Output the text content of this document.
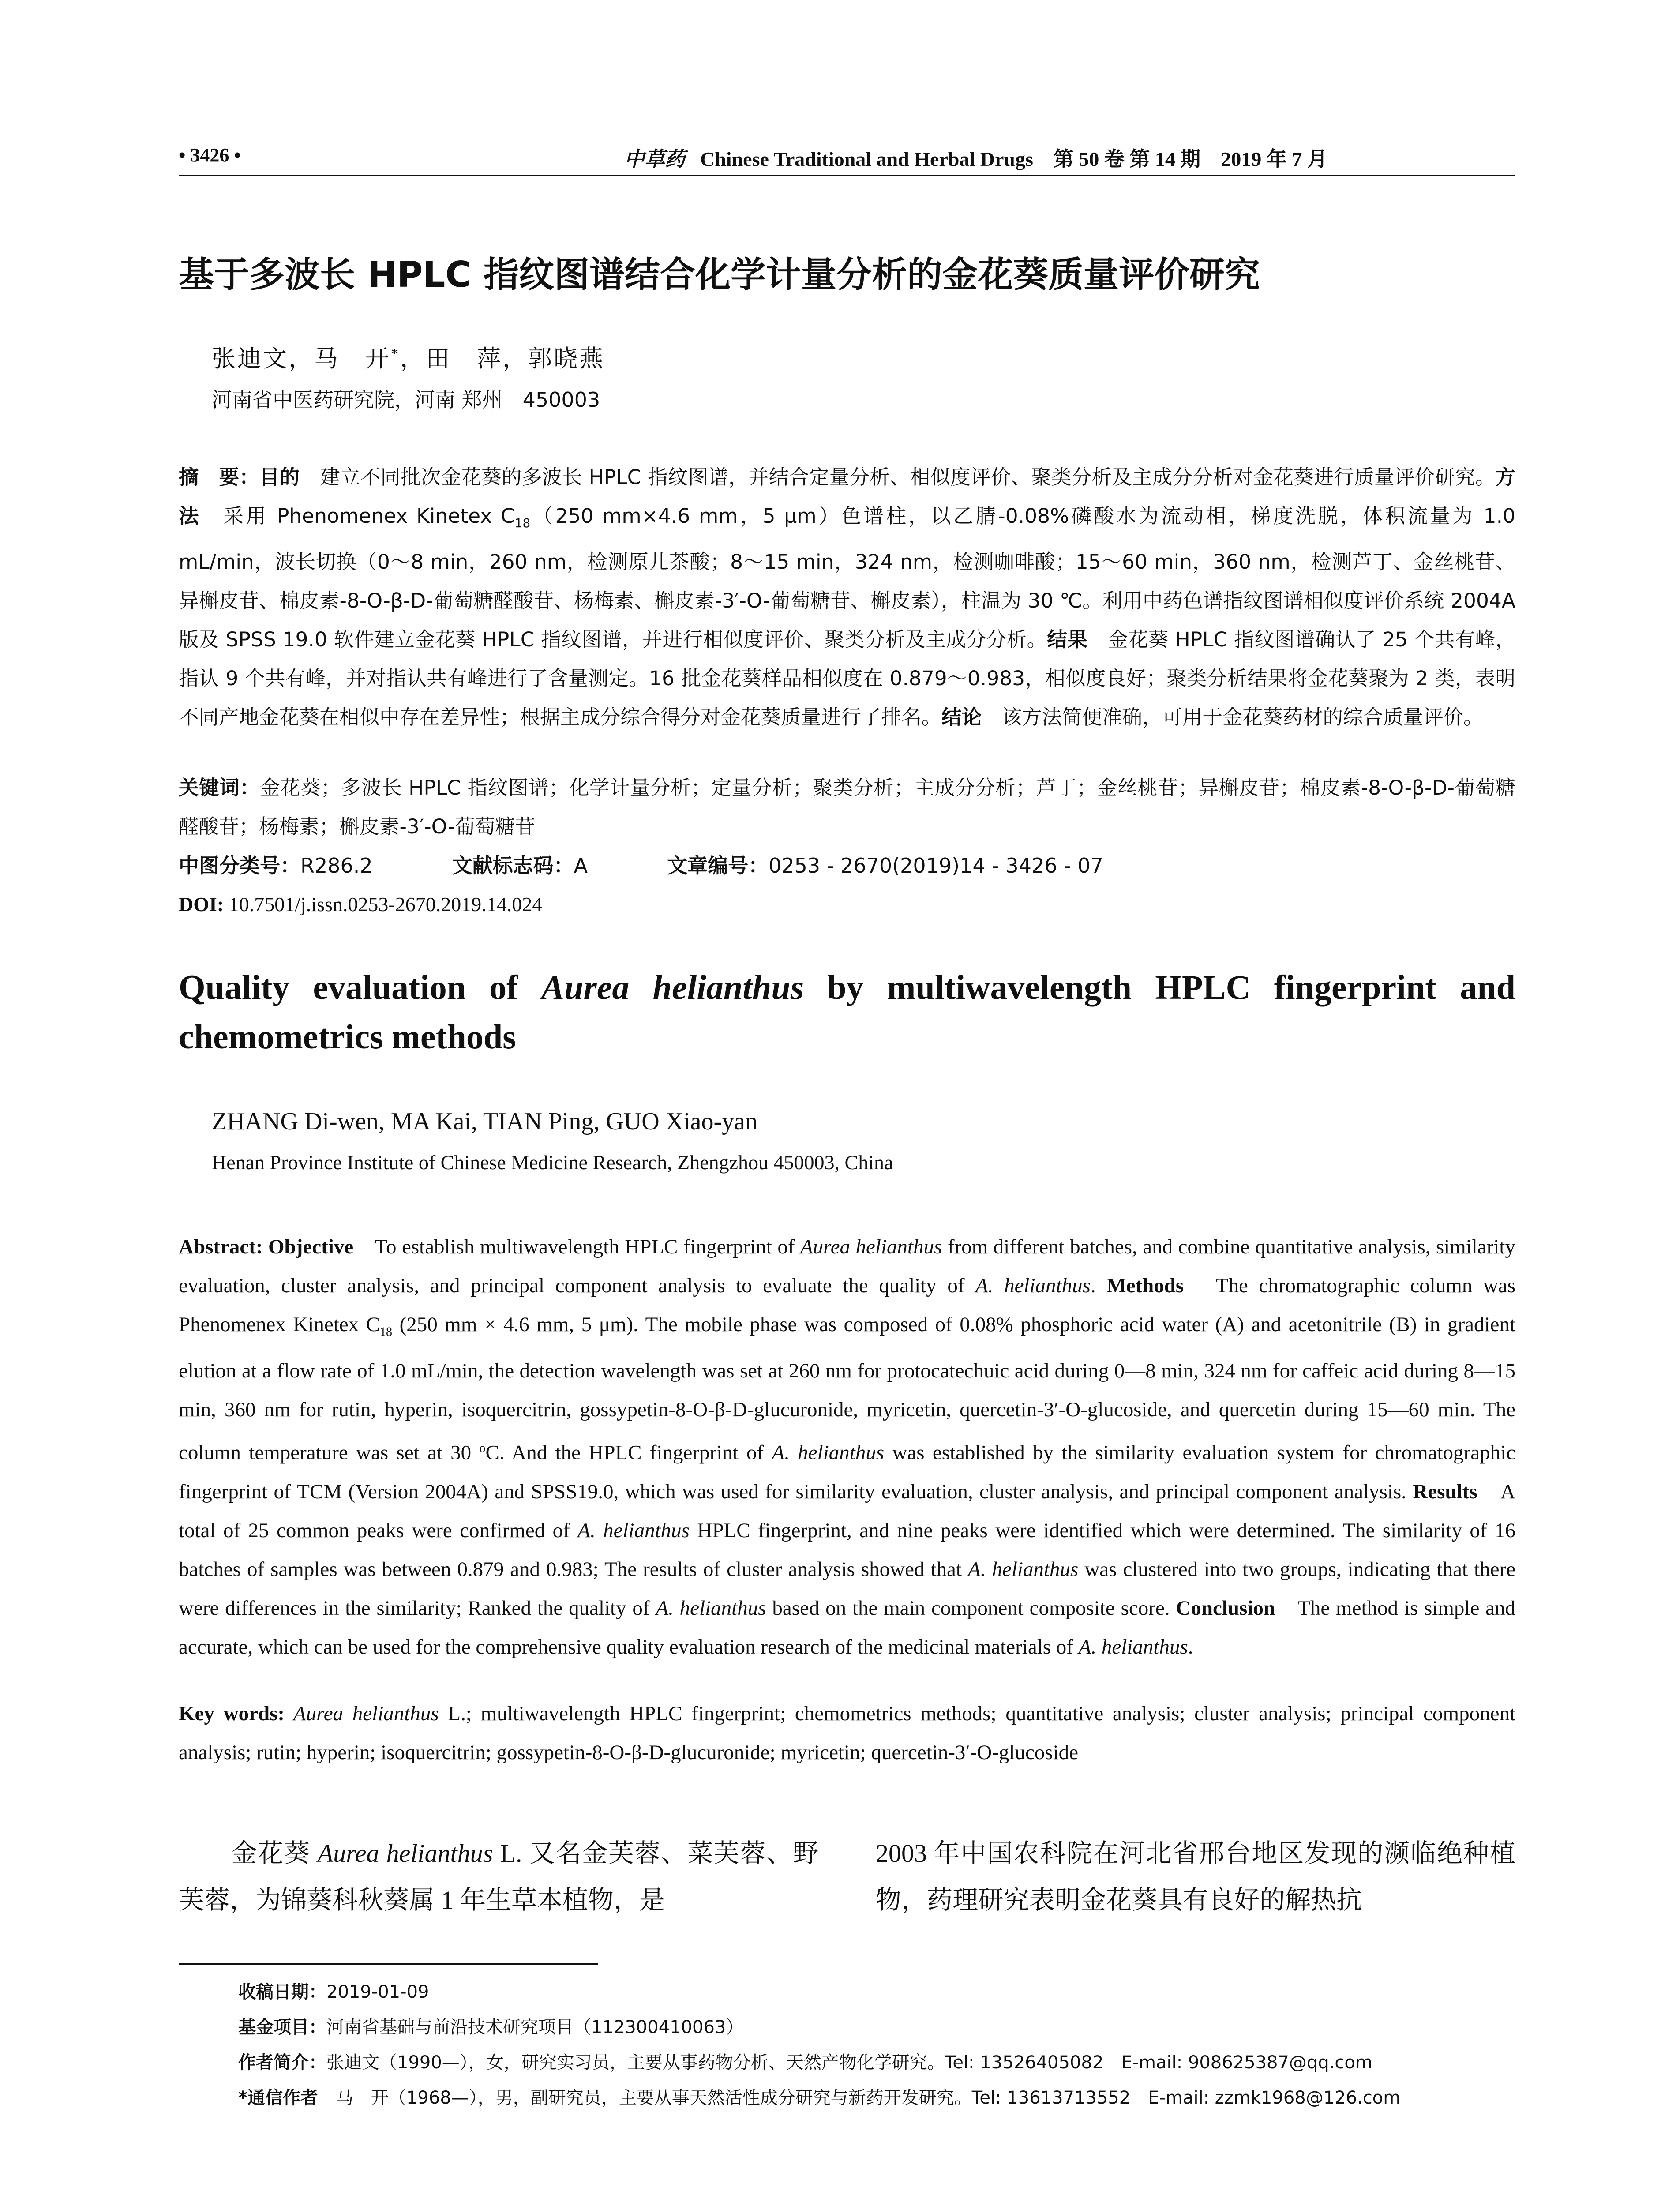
• 3426 •	中草药 Chinese Traditional and Herbal Drugs　第 50 卷 第 14 期　2019 年 7 月
基于多波长 HPLC 指纹图谱结合化学计量分析的金花葵质量评价研究
张迪文，马　开*，田　萍，郭晓燕
河南省中医药研究院，河南 郑州　450003
摘　要：目的　建立不同批次金花葵的多波长 HPLC 指纹图谱，并结合定量分析、相似度评价、聚类分析及主成分分析对金花葵进行质量评价研究。方法　采用 Phenomenex Kinetex $C_{18}(250$ mm×4.6 mm，5 μm）色谱柱，以乙腈-0.08%磷酸水为流动相，梯度洗脱，体积流量为 1.0 mL/min，波长切换（0～8 min，260 nm，检测原儿茶酸；8～15 min，324 nm，检测咖啡酸；15～60 min，360 nm，检测芦丁、金丝桃苷、异槲皮苷、棉皮素-8-O-β-D-葡萄糖醛酸苷、杨梅素、槲皮素-3′-O-葡萄糖苷、槲皮素），柱温为 30 ℃。利用中药色谱指纹图谱相似度评价系统 2004A 版及 SPSS 19.0 软件建立金花葵 HPLC 指纹图谱，并进行相似度评价、聚类分析及主成分分析。结果　金花葵 HPLC 指纹图谱确认了 25 个共有峰，指认 9 个共有峰，并对指认共有峰进行了含量测定。16 批金花葵样品相似度在 0.879～0.983，相似度良好；聚类分析结果将金花葵聚为 2 类，表明不同产地金花葵在相似中存在差异性；根据主成分综合得分对金花葵质量进行了排名。结论　该方法简便准确，可用于金花葵药材的综合质量评价。
关键词：金花葵；多波长 HPLC 指纹图谱；化学计量分析；定量分析；聚类分析；主成分分析；芦丁；金丝桃苷；异槲皮苷；棉皮素-8-O-β-D-葡萄糖醛酸苷；杨梅素；槲皮素-3′-O-葡萄糖苷
中图分类号：R286.2	文献标志码：A	文章编号：0253 - 2670(2019)14 - 3426 - 07
DOI: 10.7501/j.issn.0253-2670.2019.14.024
Quality evaluation of Aurea helianthus by multiwavelength HPLC fingerprint and chemometrics methods
ZHANG Di-wen, MA Kai, TIAN Ping, GUO Xiao-yan
Henan Province Institute of Chinese Medicine Research, Zhengzhou 450003, China
Abstract: Objective　To establish multiwavelength HPLC fingerprint of Aurea helianthus from different batches, and combine quantitative analysis, similarity evaluation, cluster analysis, and principal component analysis to evaluate the quality of A. helianthus. Methods　The chromatographic column was Phenomenex Kinetex $C_{18}$ (250 mm × 4.6 mm, 5 μm). The mobile phase was composed of 0.08% phosphoric acid water (A) and acetonitrile (B) in gradient elution at a flow rate of 1.0 mL/min, the detection wavelength was set at 260 nm for protocatechuic acid during 0—8 min, 324 nm for caffeic acid during 8—15 min, 360 nm for rutin, hyperin, isoquercitrin, gossypetin-8-O-β-D-glucuronide, myricetin, quercetin-3′-O-glucoside, and quercetin during 15—60 min. The column temperature was set at 30 $^o$C. And the HPLC fingerprint of A. helianthus was established by the similarity evaluation system for chromatographic fingerprint of TCM (Version 2004A) and SPSS19.0, which was used for similarity evaluation, cluster analysis, and principal component analysis. Results　A total of 25 common peaks were confirmed of A. helianthus HPLC fingerprint, and nine peaks were identified which were determined. The similarity of 16 batches of samples was between 0.879 and 0.983; The results of cluster analysis showed that A. helianthus was clustered into two groups, indicating that there were differences in the similarity; Ranked the quality of A. helianthus based on the main component composite score. Conclusion　The method is simple and accurate, which can be used for the comprehensive quality evaluation research of the medicinal materials of A. helianthus.
Key words: Aurea helianthus L.; multiwavelength HPLC fingerprint; chemometrics methods; quantitative analysis; cluster analysis; principal component analysis; rutin; hyperin; isoquercitrin; gossypetin-8-O-β-D-glucuronide; myricetin; quercetin-3′-O-glucoside
　　金花葵 Aurea helianthus L. 又名金芙蓉、菜芙蓉、野芙蓉，为锦葵科秋葵属 1 年生草本植物，是
2003 年中国农科院在河北省邢台地区发现的濒临绝种植物，药理研究表明金花葵具有良好的解热抗
收稿日期：2019-01-09
基金项目：河南省基础与前沿技术研究项目（112300410063）
作者简介：张迪文（1990—），女，研究实习员，主要从事药物分析、天然产物化学研究。Tel: 13526405082　E-mail: 908625387@qq.com
*通信作者　马　开（1968—），男，副研究员，主要从事天然活性成分研究与新药开发研究。Tel: 13613713552　E-mail: zzmk1968@126.com
